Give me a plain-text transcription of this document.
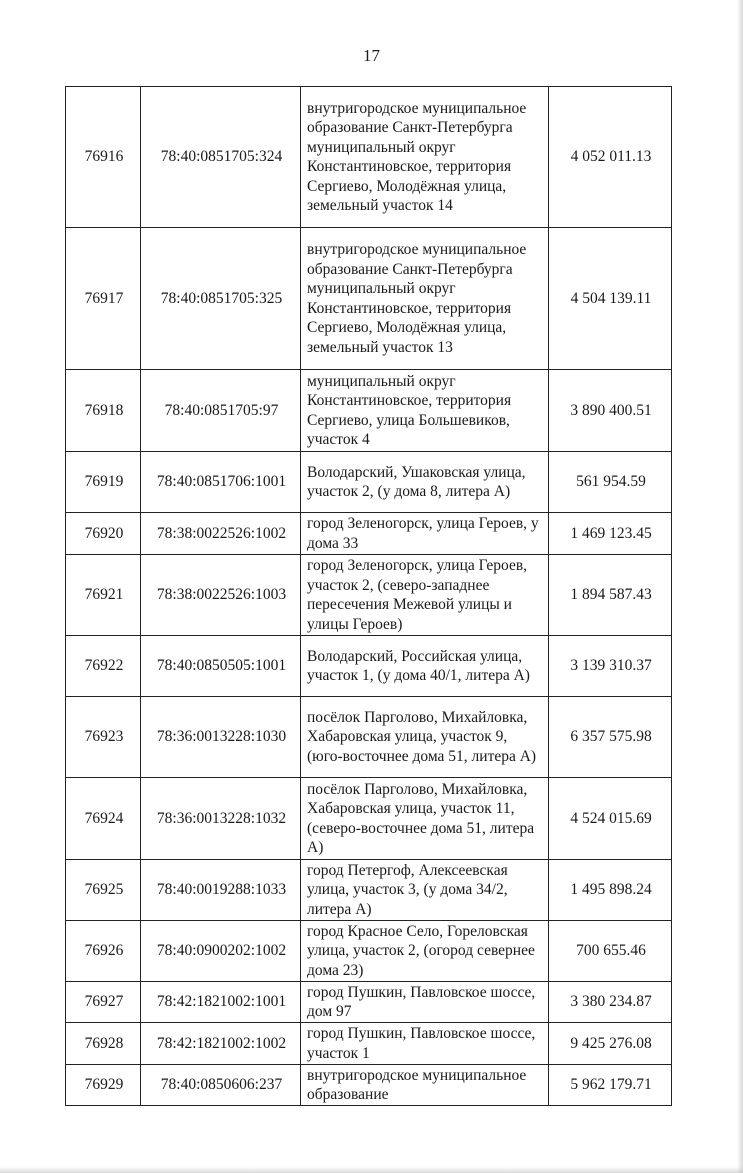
17
76916	78:40:0851705:324	внутригородское муниципальное образование Санкт-Петербурга муниципальный округ Константиновское, территория Сергиево, Молодёжная улица, земельный участок 14	4 052 011.13
76917	78:40:0851705:325	внутригородское муниципальное образование Санкт-Петербурга муниципальный округ Константиновское, территория Сергиево, Молодёжная улица, земельный участок 13	4 504 139.11
76918	78:40:0851705:97	муниципальный округ Константиновское, территория Сергиево, улица Большевиков, участок 4	3 890 400.51
76919	78:40:0851706:1001	Володарский, Ушаковская улица, участок 2, (у дома 8, литера А)	561 954.59
76920	78:38:0022526:1002	город Зеленогорск, улица Героев, у дома 33	1 469 123.45
76921	78:38:0022526:1003	город Зеленогорск, улица Героев, участок 2, (северо-западнее пересечения Межевой улицы и улицы Героев)	1 894 587.43
76922	78:40:0850505:1001	Володарский, Российская улица, участок 1, (у дома 40/1, литера А)	3 139 310.37
76923	78:36:0013228:1030	посёлок Парголово, Михайловка, Хабаровская улица, участок 9, (юго-восточнее дома 51, литера А)	6 357 575.98
76924	78:36:0013228:1032	посёлок Парголово, Михайловка, Хабаровская улица, участок 11, (северо-восточнее дома 51, литера А)	4 524 015.69
76925	78:40:0019288:1033	город Петергоф, Алексеевская улица, участок 3, (у дома 34/2, литера А)	1 495 898.24
76926	78:40:0900202:1002	город Красное Село, Гореловская улица, участок 2, (огород севернее дома 23)	700 655.46
76927	78:42:1821002:1001	город Пушкин, Павловское шоссе, дом 97	3 380 234.87
76928	78:42:1821002:1002	город Пушкин, Павловское шоссе, участок 1	9 425 276.08
76929	78:40:0850606:237	внутригородское муниципальное образование	5 962 179.71
